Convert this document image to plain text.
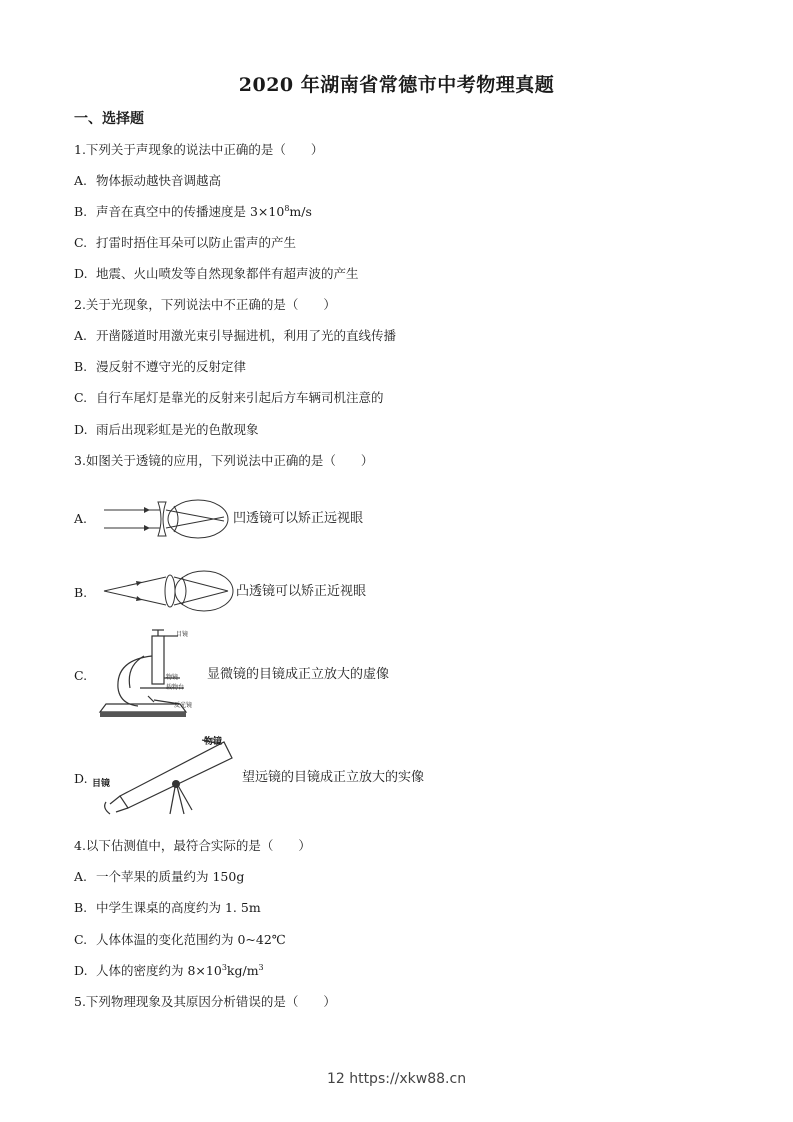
2020 年湖南省常德市中考物理真题
一、选择题
1.下列关于声现象的说法中正确的是（　　）
A. 物体振动越快音调越高
B. 声音在真空中的传播速度是 $3\times 10^8m/s$
C. 打雷时捂住耳朵可以防止雷声的产生
D. 地震、火山喷发等自然现象都伴有超声波的产生
2.关于光现象，下列说法中不正确的是（　　）
A. 开凿隧道时用激光束引导掘进机，利用了光的直线传播
B. 漫反射不遵守光的反射定律
C. 自行车尾灯是靠光的反射来引起后方车辆司机注意的
D. 雨后出现彩虹是光的色散现象
3.如图关于透镜的应用，下列说法中正确的是（　　）
A.	凹透镜可以矫正远视眼
B.	凸透镜可以矫正近视眼
C.
目镜
物镜
载物台
反光镜
显微镜的目镜成正立放大的虚像
D.
物镜
目镜	望远镜的目镜成正立放大的实像
4.以下估测值中，最符合实际的是（　　）
A. 一个苹果的质量约为 150g
B. 中学生课桌的高度约为 1. 5m
C. 人体体温的变化范围约为 0~42℃
D. 人体的密度约为 $8\times 10^3kg/m^3$
5.下列物理现象及其原因分析错误的是（　　）
12 https://xkw88.cn
